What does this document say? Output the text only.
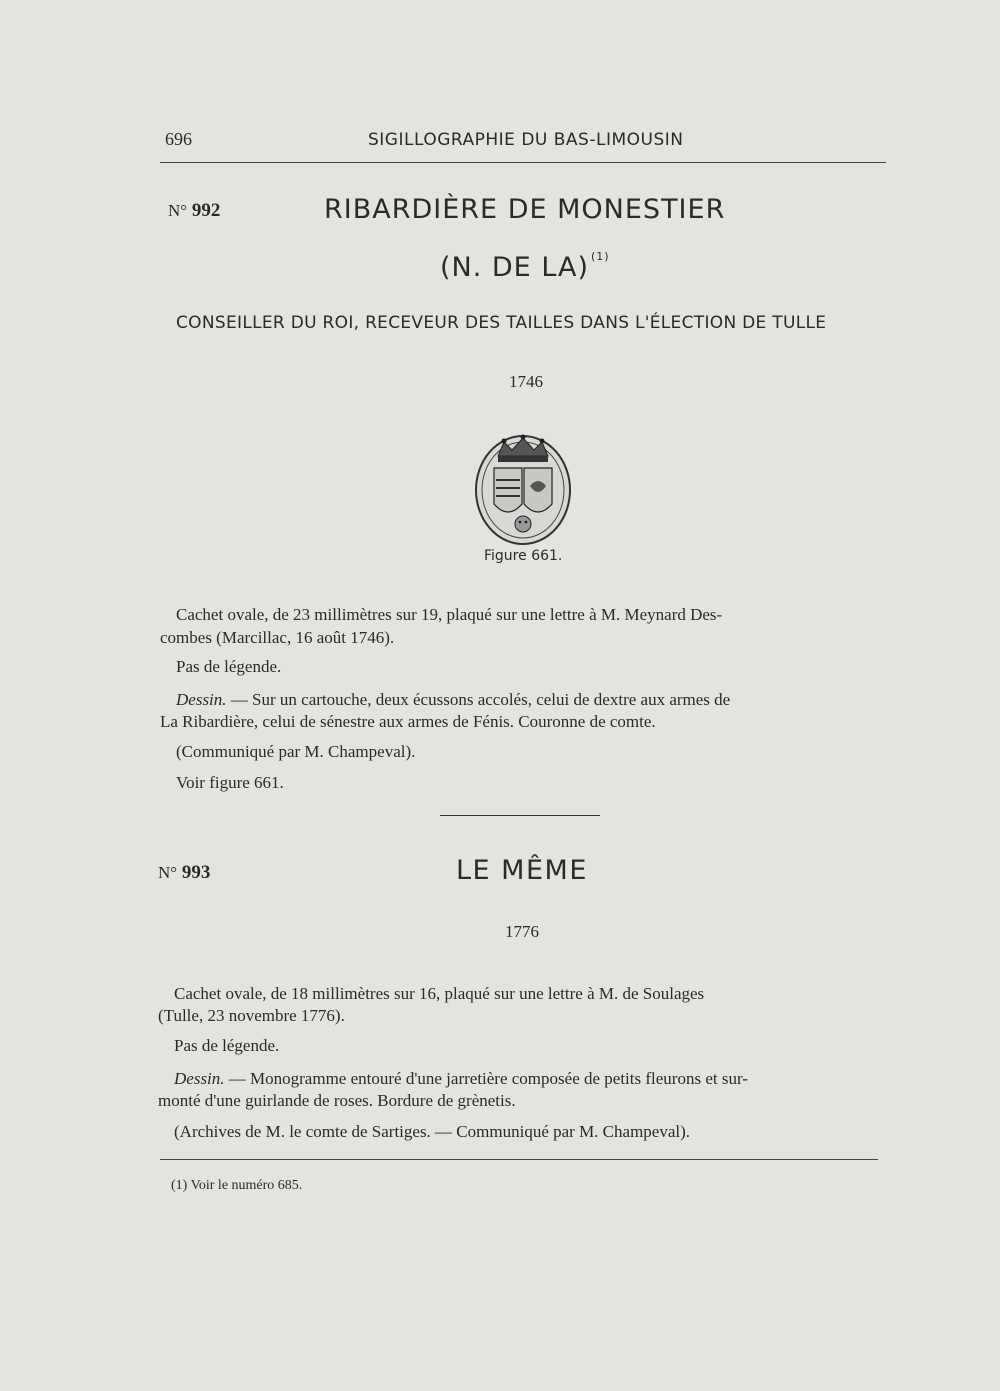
696	SIGILLOGRAPHIE DU BAS-LIMOUSIN
N° 992	RIBARDIÈRE DE MONESTIER
(N. DE LA) $^{(1)}$
CONSEILLER DU ROI, RECEVEUR DES TAILLES DANS L'ÉLECTION DE TULLE
1746
Figure 661.
Cachet ovale, de 23 millimètres sur 19, plaqué sur une lettre à M. Meynard Des-
combes (Marcillac, 16 août 1746).
Pas de légende.
Dessin. — Sur un cartouche, deux écussons accolés, celui de dextre aux armes de
La Ribardière, celui de sénestre aux armes de Fénis. Couronne de comte.
(Communiqué par M. Champeval).
Voir figure 661.
N° 993	LE MÊME
1776
Cachet ovale, de 18 millimètres sur 16, plaqué sur une lettre à M. de Soulages
(Tulle, 23 novembre 1776).
Pas de légende.
Dessin. — Monogramme entouré d'une jarretière composée de petits fleurons et sur-
monté d'une guirlande de roses. Bordure de grènetis.
(Archives de M. le comte de Sartiges. — Communiqué par M. Champeval).
(1) Voir le numéro 685.
